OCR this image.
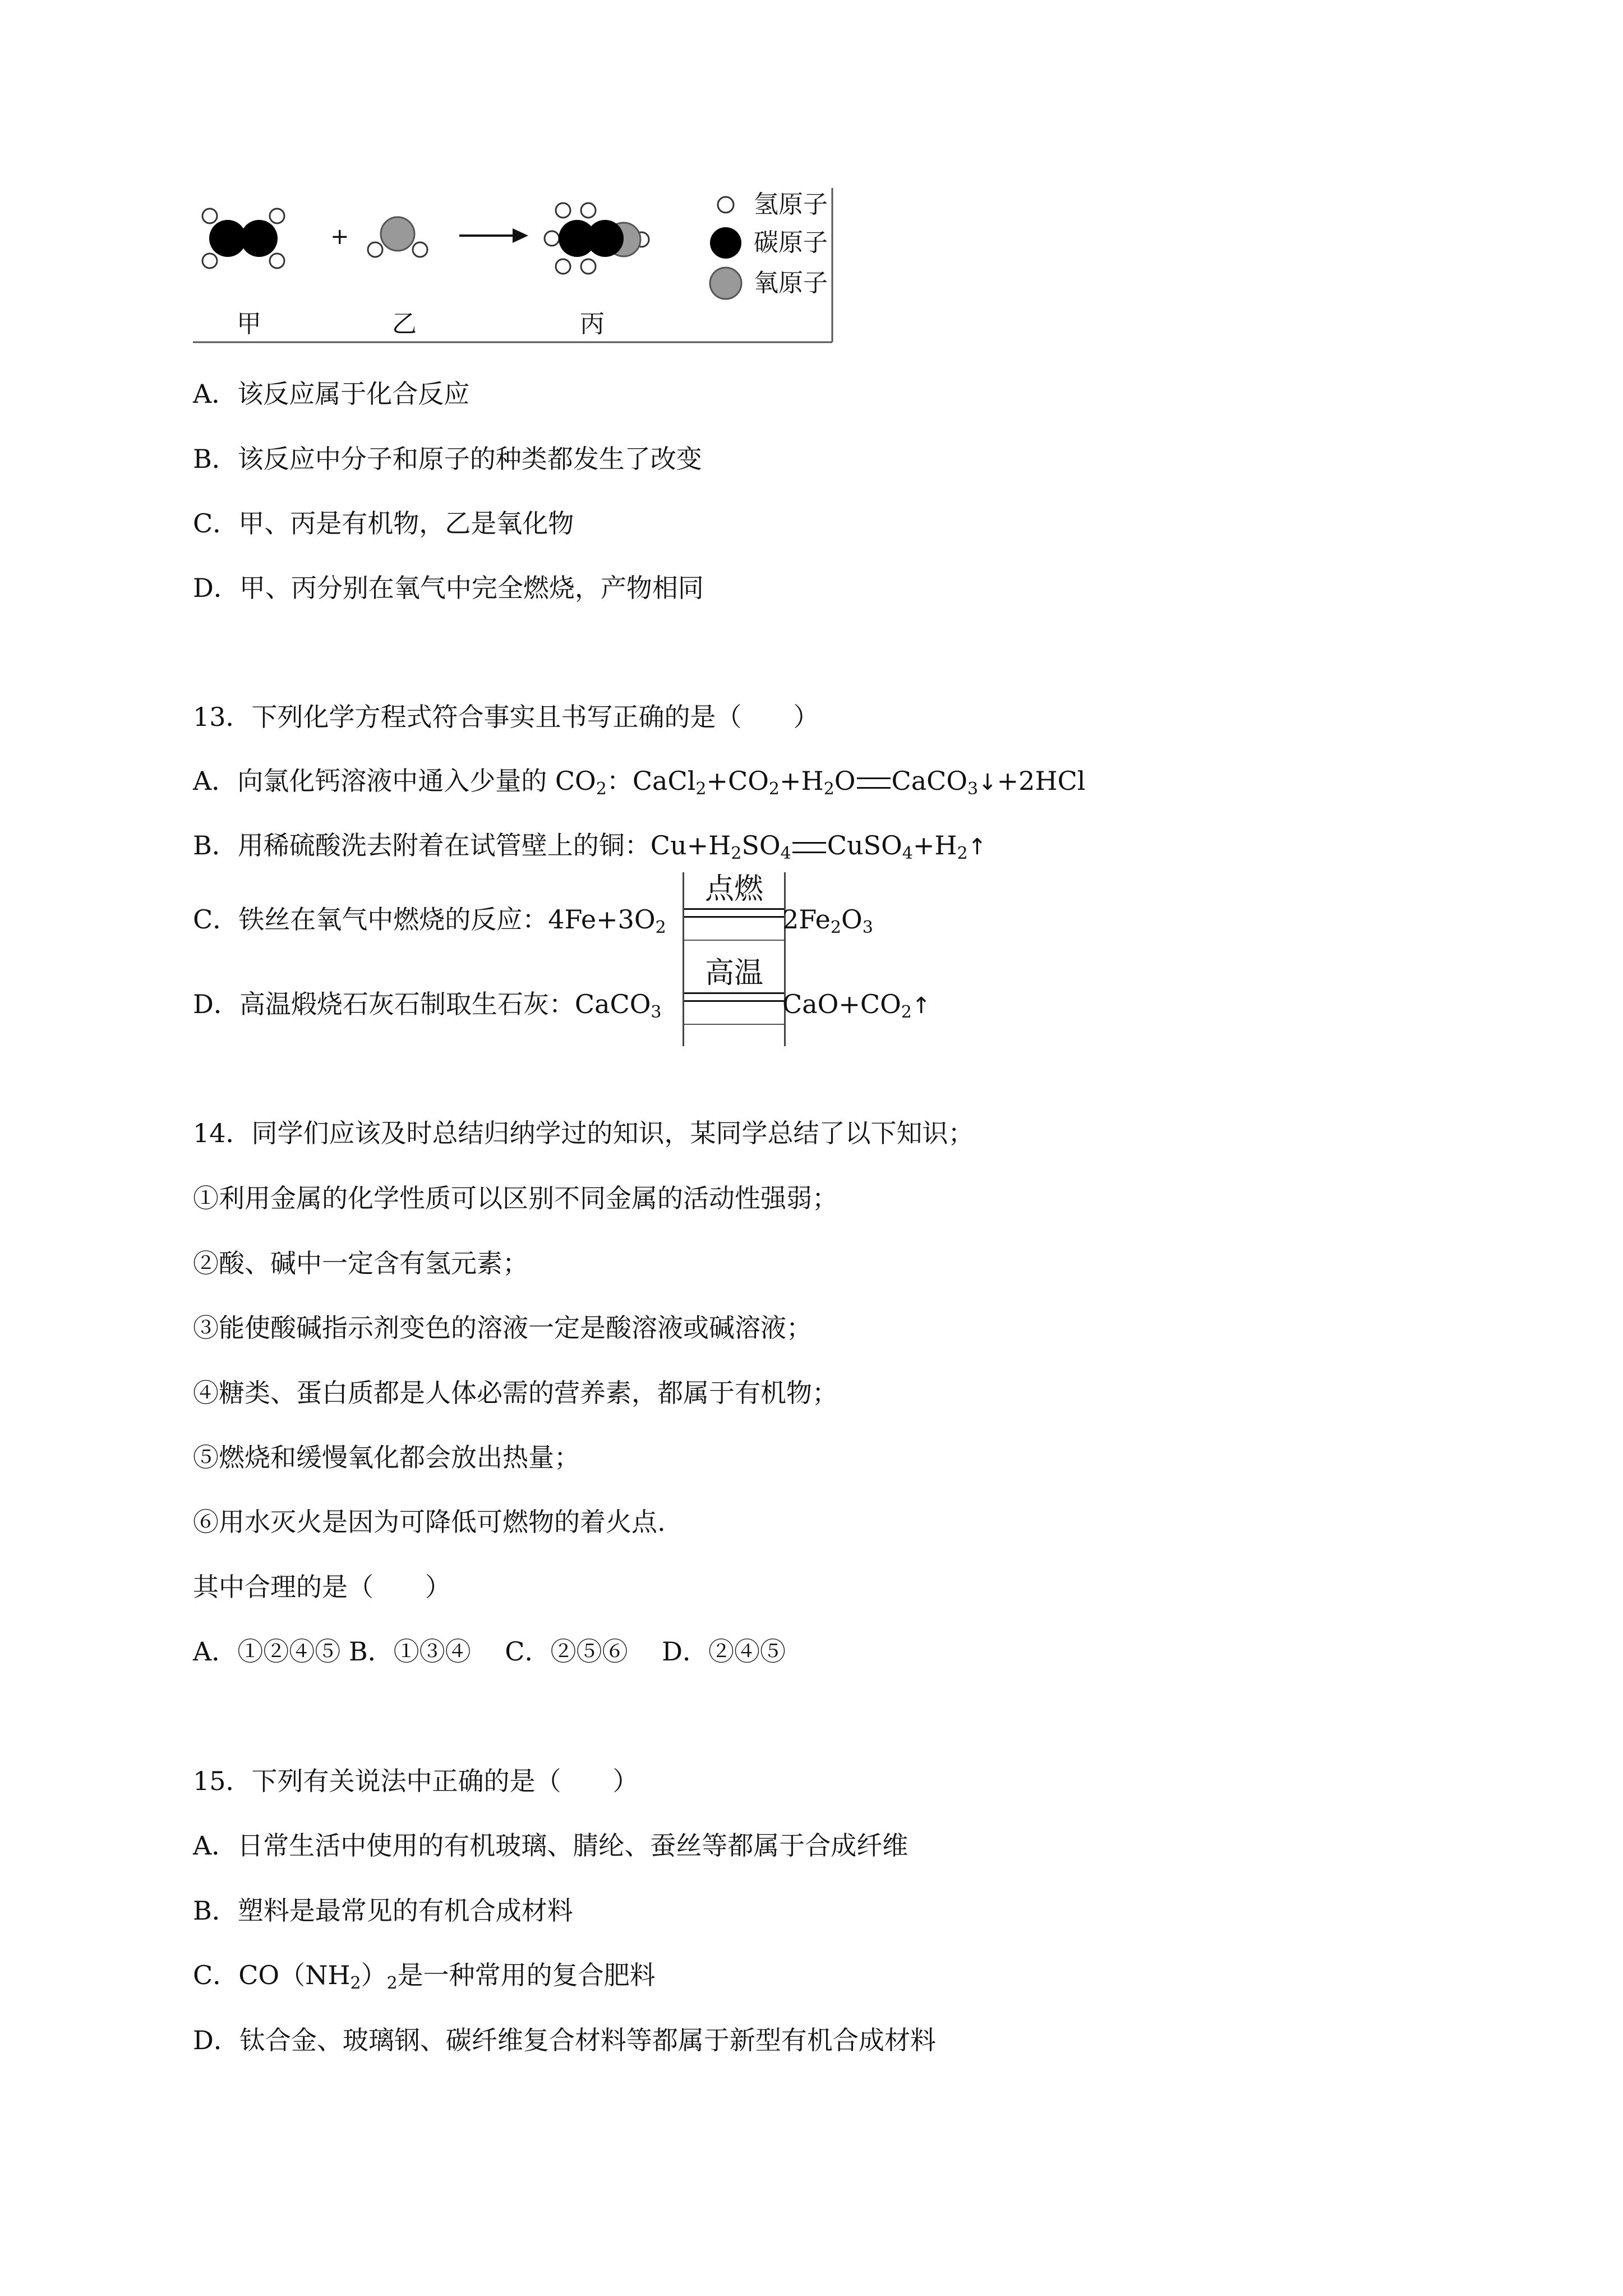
+
氢原子
碳原子
氧原子
甲	乙	丙
A．该反应属于化合反应
B．该反应中分子和原子的种类都发生了改变
C．甲、丙是有机物，乙是氧化物
D．甲、丙分别在氧气中完全燃烧，产物相同
13．下列化学方程式符合事实且书写正确的是（　　）
A．向氯化钙溶液中通入少量的 $CO_2$：$CaCl_2+CO_2+H_2O$ CaCO$_3$↓+2HCl
B．用稀硫酸洗去附着在试管壁上的铜：$Cu+H_2SO_4$ $CuSO_4+H_2↑$
点燃
C．铁丝在氧气中燃烧的反应：$4Fe+3O_2$	$2Fe_2O_3$
高温
D．高温煅烧石灰石制取生石灰：CaCO$_3$	$CaO+CO_2↑$
14．同学们应该及时总结归纳学过的知识，某同学总结了以下知识；
①利用金属的化学性质可以区别不同金属的活动性强弱；
②酸、碱中一定含有氢元素；
③能使酸碱指示剂变色的溶液一定是酸溶液或碱溶液；
④糖类、蛋白质都是人体必需的营养素，都属于有机物；
⑤燃烧和缓慢氧化都会放出热量；
⑥用水灭火是因为可降低可燃物的着火点.
其中合理的是（　　）
A．①②④⑤ B．①③④　 C．②⑤⑥　 D．②④⑤
15．下列有关说法中正确的是（　　）
A．日常生活中使用的有机玻璃、腈纶、蚕丝等都属于合成纤维
B．塑料是最常见的有机合成材料
C．$CO(NH_2)_2$是一种常用的复合肥料
D．钛合金、玻璃钢、碳纤维复合材料等都属于新型有机合成材料
